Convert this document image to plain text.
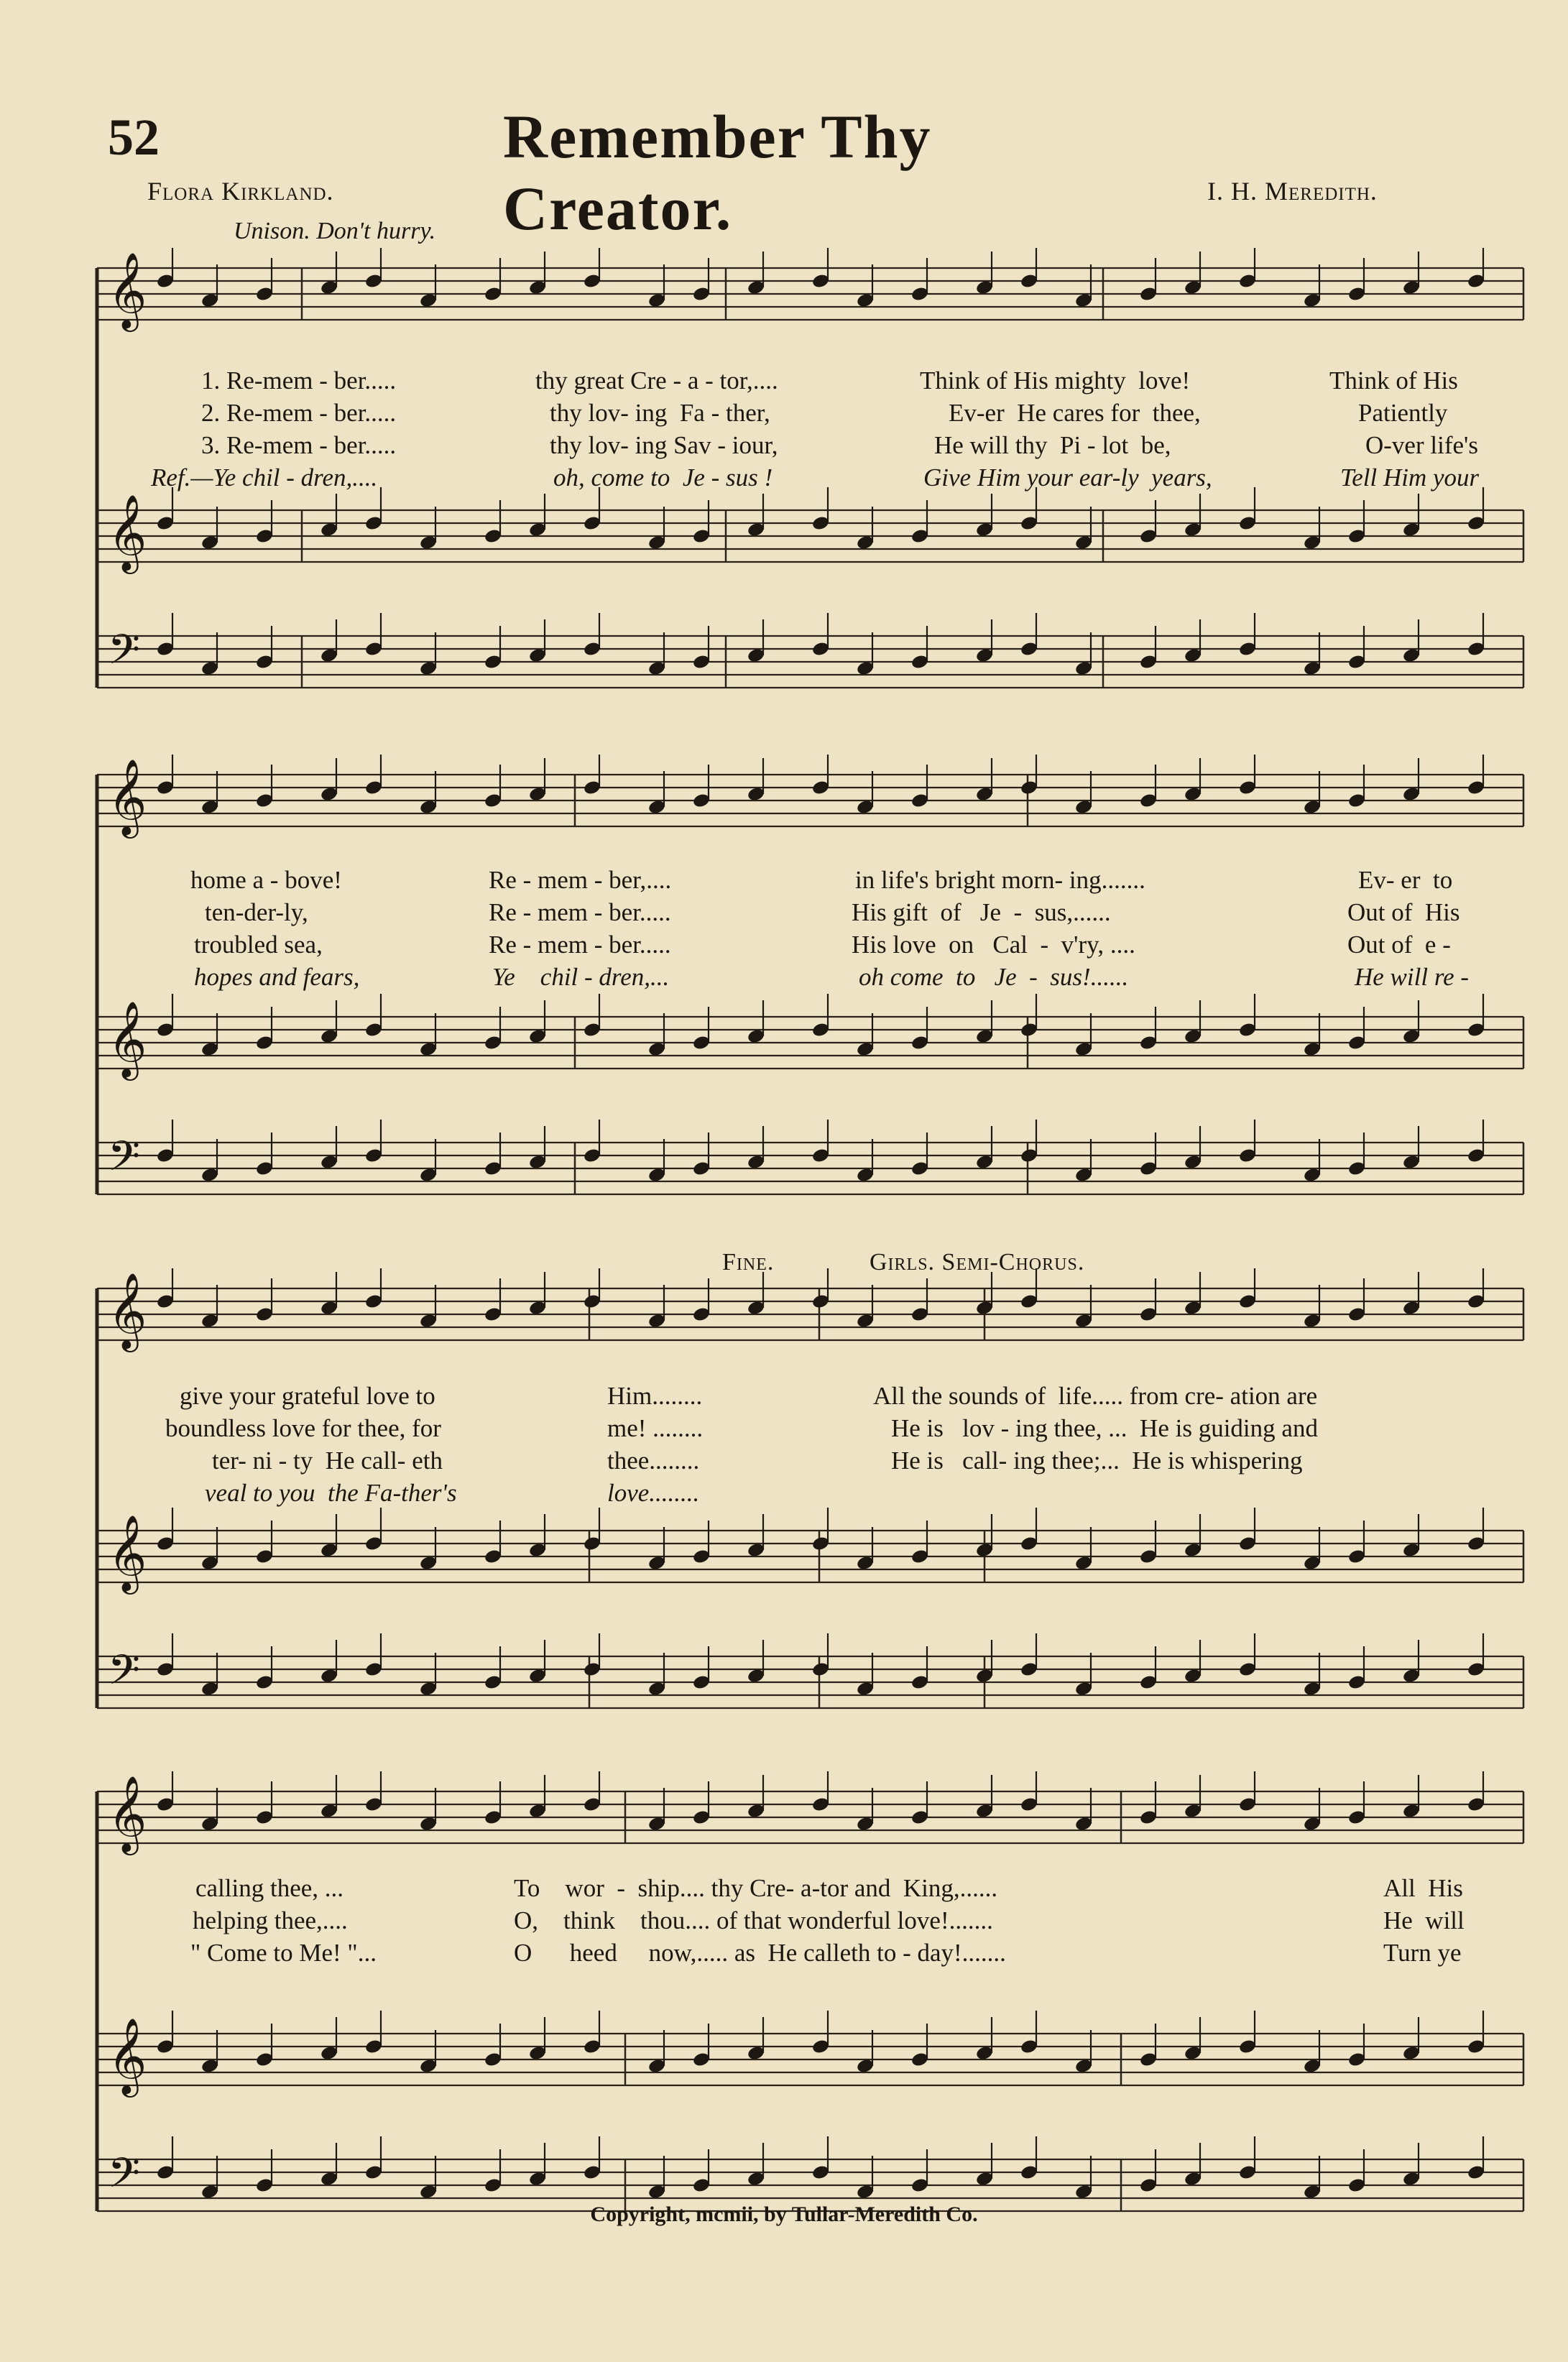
52	Remember Thy Creator.
Flora Kirkland.	I. H. Meredith.
Unison. Don't hurry.
Fine.	Girls. Semi-Chorus.
𝄞
𝄞
𝄢
1. Re-mem - ber.....	thy great Cre - a - tor,....	Think of His mighty  love!	Think of His
2. Re-mem - ber.....	thy lov- ing  Fa - ther,	Ev-er  He cares for  thee,	Patiently
3. Re-mem - ber.....	thy lov- ing Sav - iour,	He will thy  Pi - lot  be,	O-ver life's
Ref.—Ye chil - dren,....	oh, come to  Je - sus !	Give Him your ear-ly  years,	Tell Him your
𝄞
𝄞
𝄢
home a - bove!	Re - mem - ber,....	in life's bright morn- ing.......	Ev- er  to
ten-der-ly,	Re - mem - ber.....	His gift  of   Je  -  sus,......	Out of  His
troubled sea,	Re - mem - ber.....	His love  on   Cal  -  v'ry, ....	Out of  e -
hopes and fears,	Ye    chil - dren,...	oh come  to   Je  -  sus!......	He will re -
𝄞
𝄞
𝄢
give your grateful love to	Him........	All the sounds of  life..... from cre- ation are
boundless love for thee, for	me! ........	He is   lov - ing thee, ...  He is guiding and
ter- ni - ty  He call- eth	thee........	He is   call- ing thee;...  He is whispering
veal to you  the Fa-ther's	love........
𝄞
𝄞
𝄢
calling thee, ...	To    wor  -  ship.... thy Cre- a-tor and  King,......	All  His
helping thee,....	O,    think    thou.... of that wonderful love!.......	He  will
" Come to Me! "...	O      heed     now,..... as  He calleth to - day!.......	Turn ye
Copyright, mcmii, by Tullar-Meredith Co.
